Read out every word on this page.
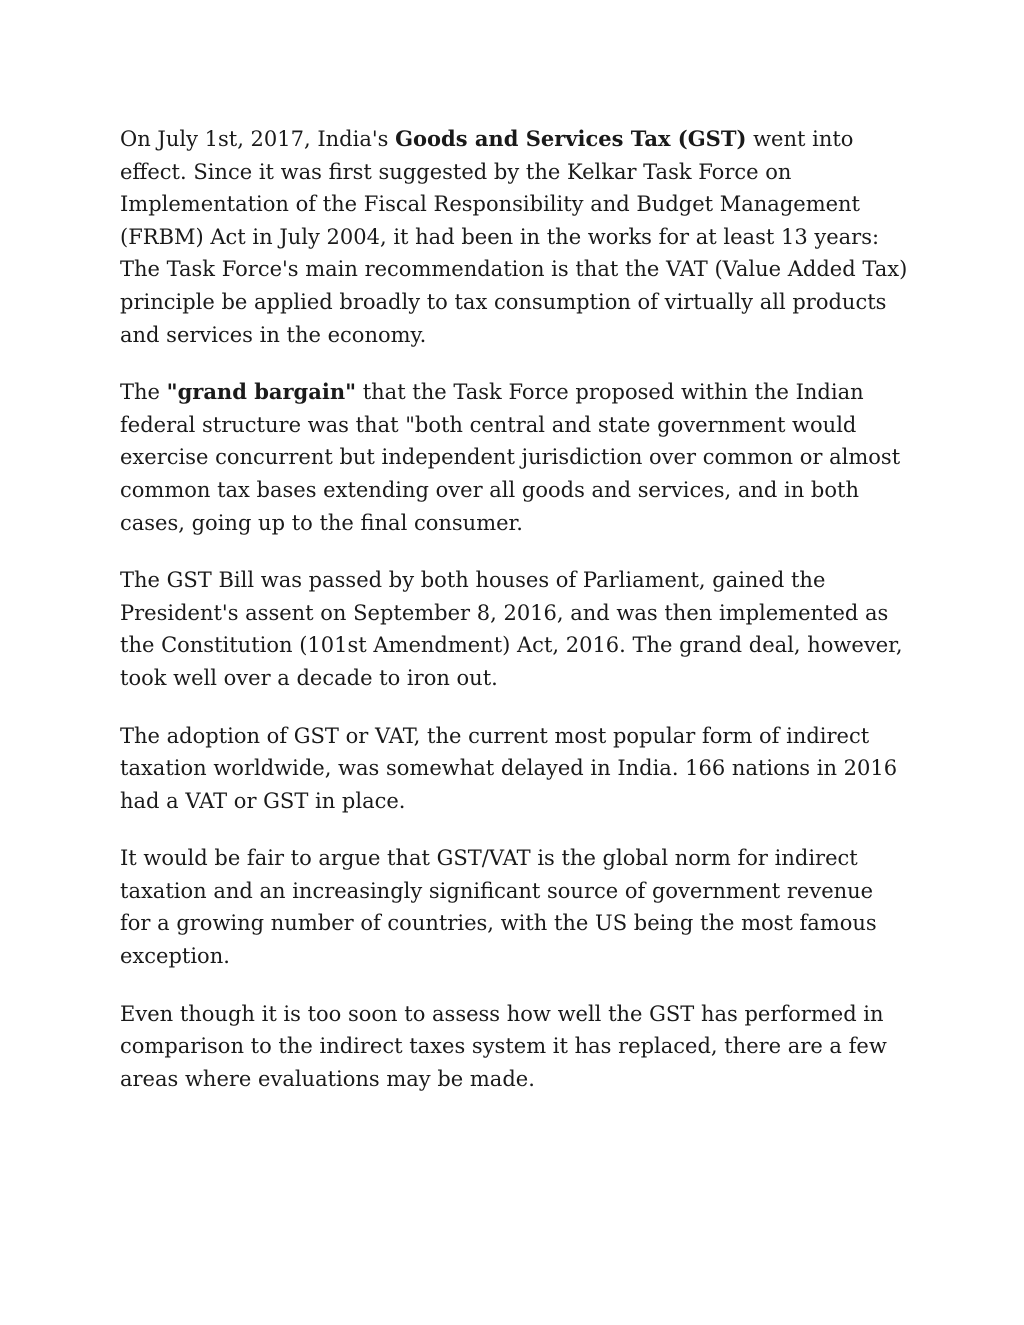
On July 1st, 2017, India's Goods and Services Tax (GST) went into effect. Since it was first suggested by the Kelkar Task Force on Implementation of the Fiscal Responsibility and Budget Management (FRBM) Act in July 2004, it had been in the works for at least 13 years: The Task Force's main recommendation is that the VAT (Value Added Tax) principle be applied broadly to tax consumption of virtually all products and services in the economy.

The "grand bargain" that the Task Force proposed within the Indian federal structure was that "both central and state government would exercise concurrent but independent jurisdiction over common or almost common tax bases extending over all goods and services, and in both cases, going up to the final consumer.

The GST Bill was passed by both houses of Parliament, gained the President's assent on September 8, 2016, and was then implemented as the Constitution (101st Amendment) Act, 2016. The grand deal, however, took well over a decade to iron out.

The adoption of GST or VAT, the current most popular form of indirect taxation worldwide, was somewhat delayed in India. 166 nations in 2016 had a VAT or GST in place.

It would be fair to argue that GST/VAT is the global norm for indirect taxation and an increasingly significant source of government revenue for a growing number of countries, with the US being the most famous exception.

Even though it is too soon to assess how well the GST has performed in comparison to the indirect taxes system it has replaced, there are a few areas where evaluations may be made.
